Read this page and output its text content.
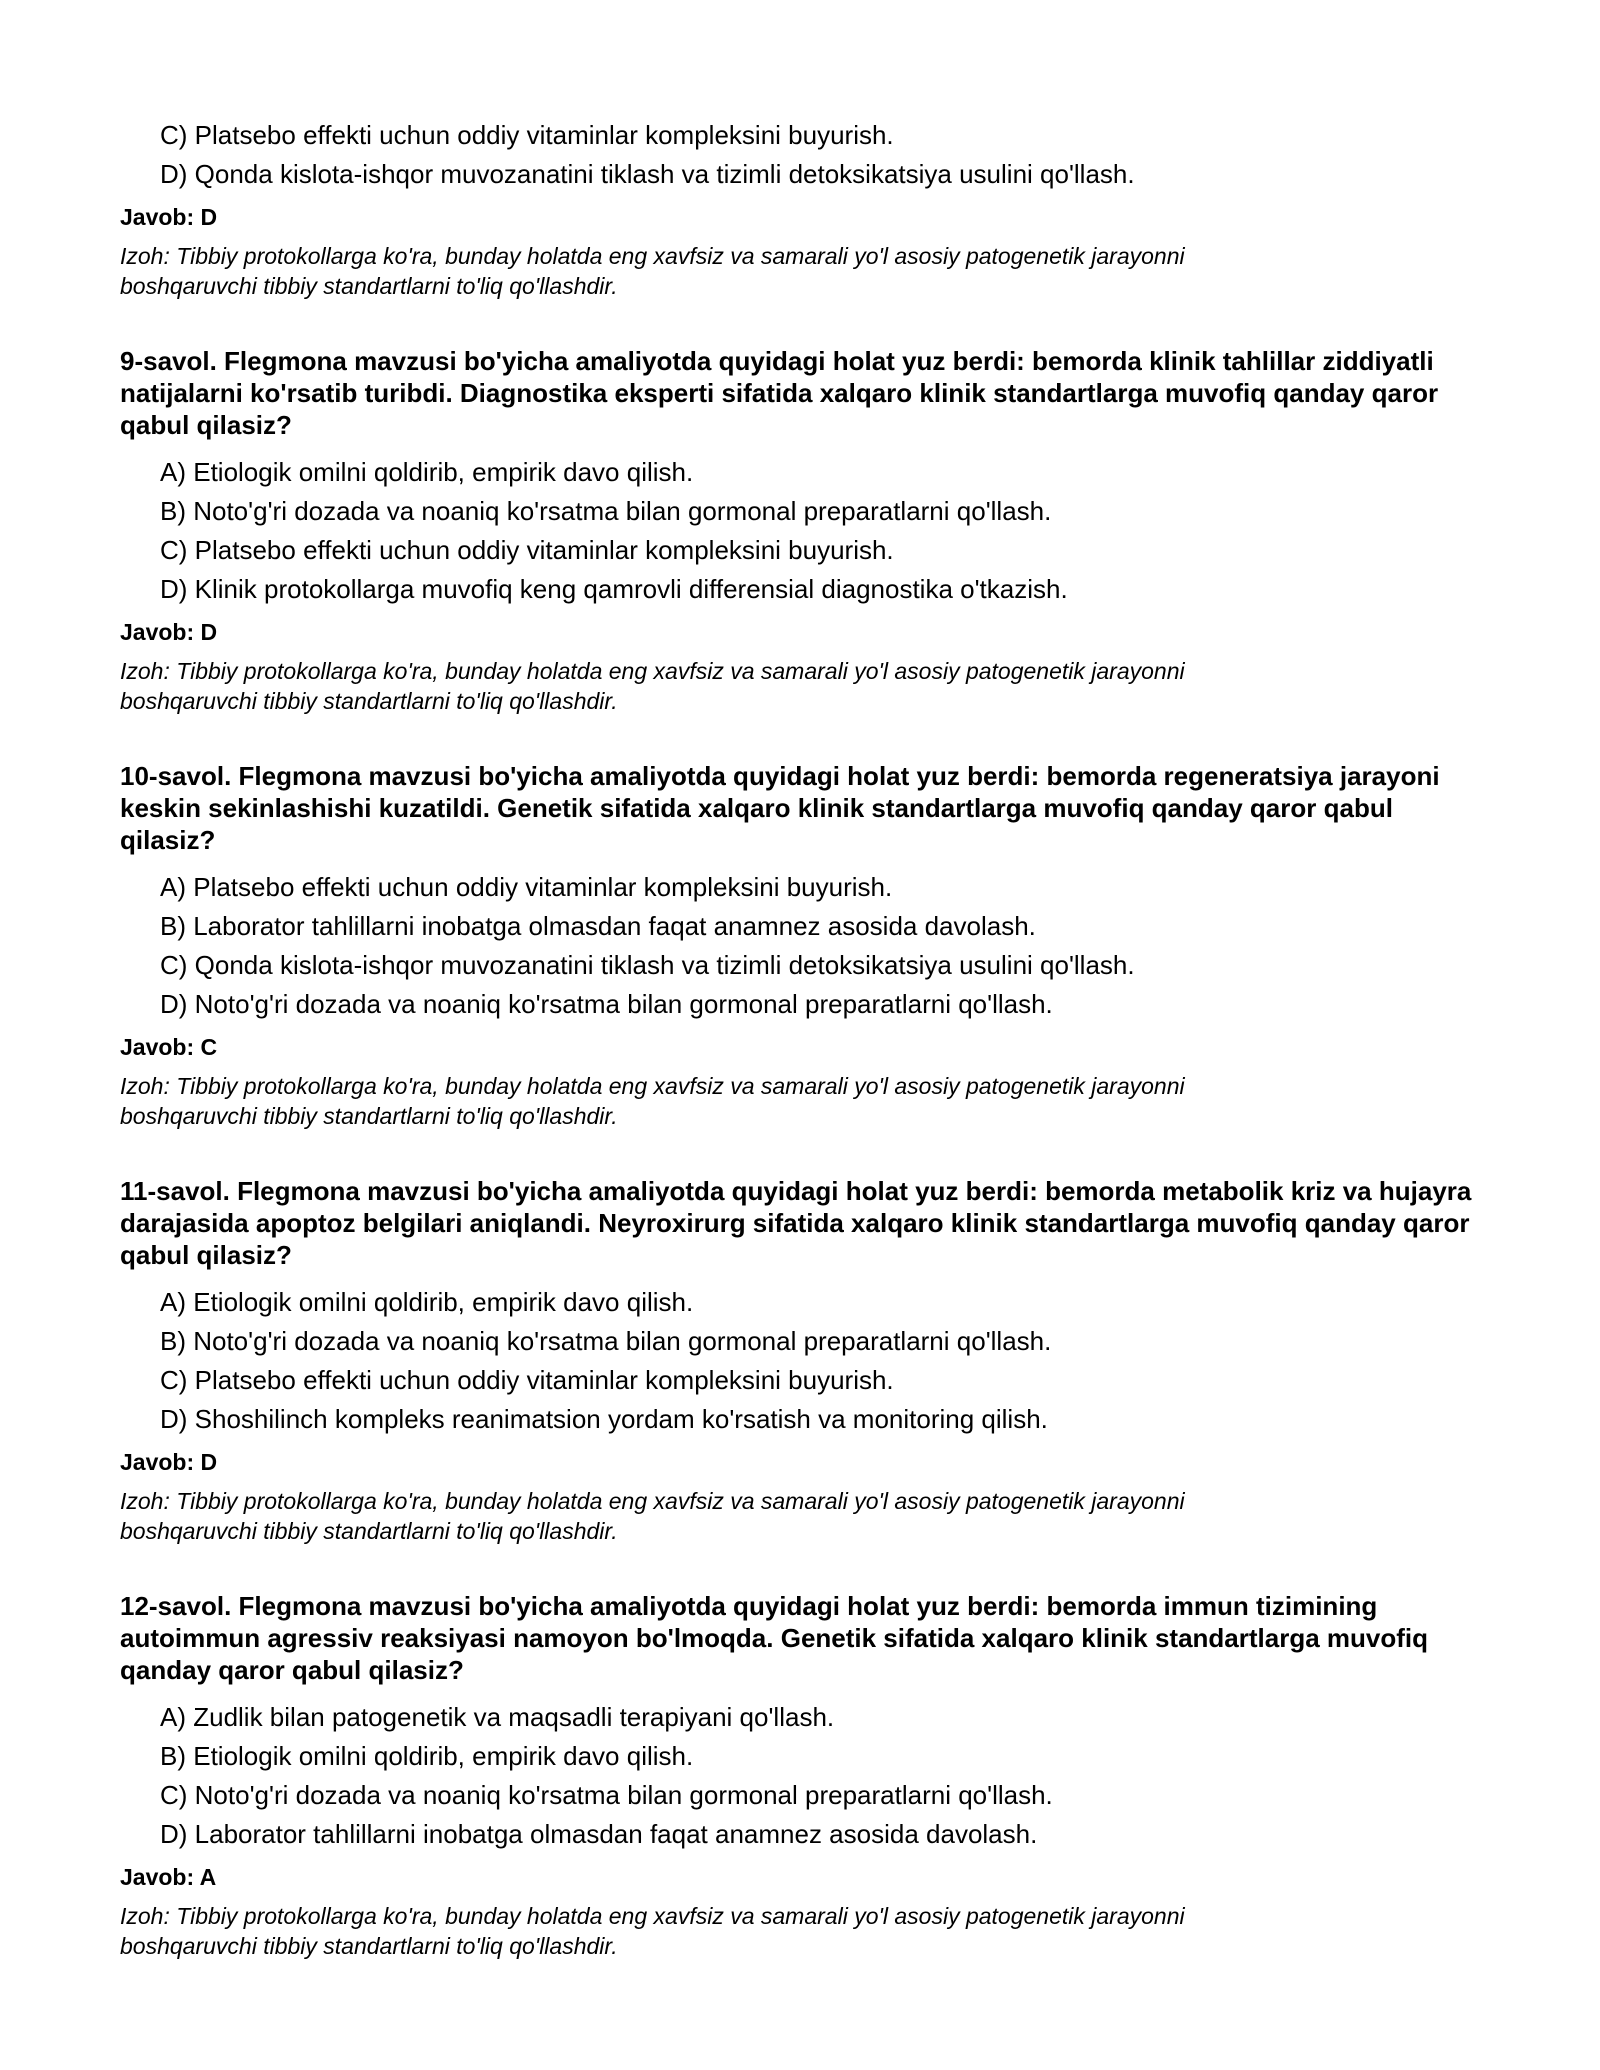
C) Platsebo effekti uchun oddiy vitaminlar kompleksini buyurish.
D) Qonda kislota-ishqor muvozanatini tiklash va tizimli detoksikatsiya usulini qo'llash.
Javob: D
Izoh: Tibbiy protokollarga ko'ra, bunday holatda eng xavfsiz va samarali yo'l asosiy patogenetik jarayonni
boshqaruvchi tibbiy standartlarni to'liq qo'llashdir.
9-savol. Flegmona mavzusi bo'yicha amaliyotda quyidagi holat yuz berdi: bemorda klinik tahlillar ziddiyatli natijalarni ko'rsatib turibdi. Diagnostika eksperti sifatida xalqaro klinik standartlarga muvofiq qanday qaror qabul qilasiz?
A) Etiologik omilni qoldirib, empirik davo qilish.
B) Noto'g'ri dozada va noaniq ko'rsatma bilan gormonal preparatlarni qo'llash.
C) Platsebo effekti uchun oddiy vitaminlar kompleksini buyurish.
D) Klinik protokollarga muvofiq keng qamrovli differensial diagnostika o'tkazish.
Javob: D
Izoh: Tibbiy protokollarga ko'ra, bunday holatda eng xavfsiz va samarali yo'l asosiy patogenetik jarayonni
boshqaruvchi tibbiy standartlarni to'liq qo'llashdir.
10-savol. Flegmona mavzusi bo'yicha amaliyotda quyidagi holat yuz berdi: bemorda regeneratsiya jarayoni keskin sekinlashishi kuzatildi. Genetik sifatida xalqaro klinik standartlarga muvofiq qanday qaror qabul qilasiz?
A) Platsebo effekti uchun oddiy vitaminlar kompleksini buyurish.
B) Laborator tahlillarni inobatga olmasdan faqat anamnez asosida davolash.
C) Qonda kislota-ishqor muvozanatini tiklash va tizimli detoksikatsiya usulini qo'llash.
D) Noto'g'ri dozada va noaniq ko'rsatma bilan gormonal preparatlarni qo'llash.
Javob: C
Izoh: Tibbiy protokollarga ko'ra, bunday holatda eng xavfsiz va samarali yo'l asosiy patogenetik jarayonni
boshqaruvchi tibbiy standartlarni to'liq qo'llashdir.
11-savol. Flegmona mavzusi bo'yicha amaliyotda quyidagi holat yuz berdi: bemorda metabolik kriz va hujayra darajasida apoptoz belgilari aniqlandi. Neyroxirurg sifatida xalqaro klinik standartlarga muvofiq qanday qaror qabul qilasiz?
A) Etiologik omilni qoldirib, empirik davo qilish.
B) Noto'g'ri dozada va noaniq ko'rsatma bilan gormonal preparatlarni qo'llash.
C) Platsebo effekti uchun oddiy vitaminlar kompleksini buyurish.
D) Shoshilinch kompleks reanimatsion yordam ko'rsatish va monitoring qilish.
Javob: D
Izoh: Tibbiy protokollarga ko'ra, bunday holatda eng xavfsiz va samarali yo'l asosiy patogenetik jarayonni
boshqaruvchi tibbiy standartlarni to'liq qo'llashdir.
12-savol. Flegmona mavzusi bo'yicha amaliyotda quyidagi holat yuz berdi: bemorda immun tizimining autoimmun agressiv reaksiyasi namoyon bo'lmoqda. Genetik sifatida xalqaro klinik standartlarga muvofiq qanday qaror qabul qilasiz?
A) Zudlik bilan patogenetik va maqsadli terapiyani qo'llash.
B) Etiologik omilni qoldirib, empirik davo qilish.
C) Noto'g'ri dozada va noaniq ko'rsatma bilan gormonal preparatlarni qo'llash.
D) Laborator tahlillarni inobatga olmasdan faqat anamnez asosida davolash.
Javob: A
Izoh: Tibbiy protokollarga ko'ra, bunday holatda eng xavfsiz va samarali yo'l asosiy patogenetik jarayonni
boshqaruvchi tibbiy standartlarni to'liq qo'llashdir.
